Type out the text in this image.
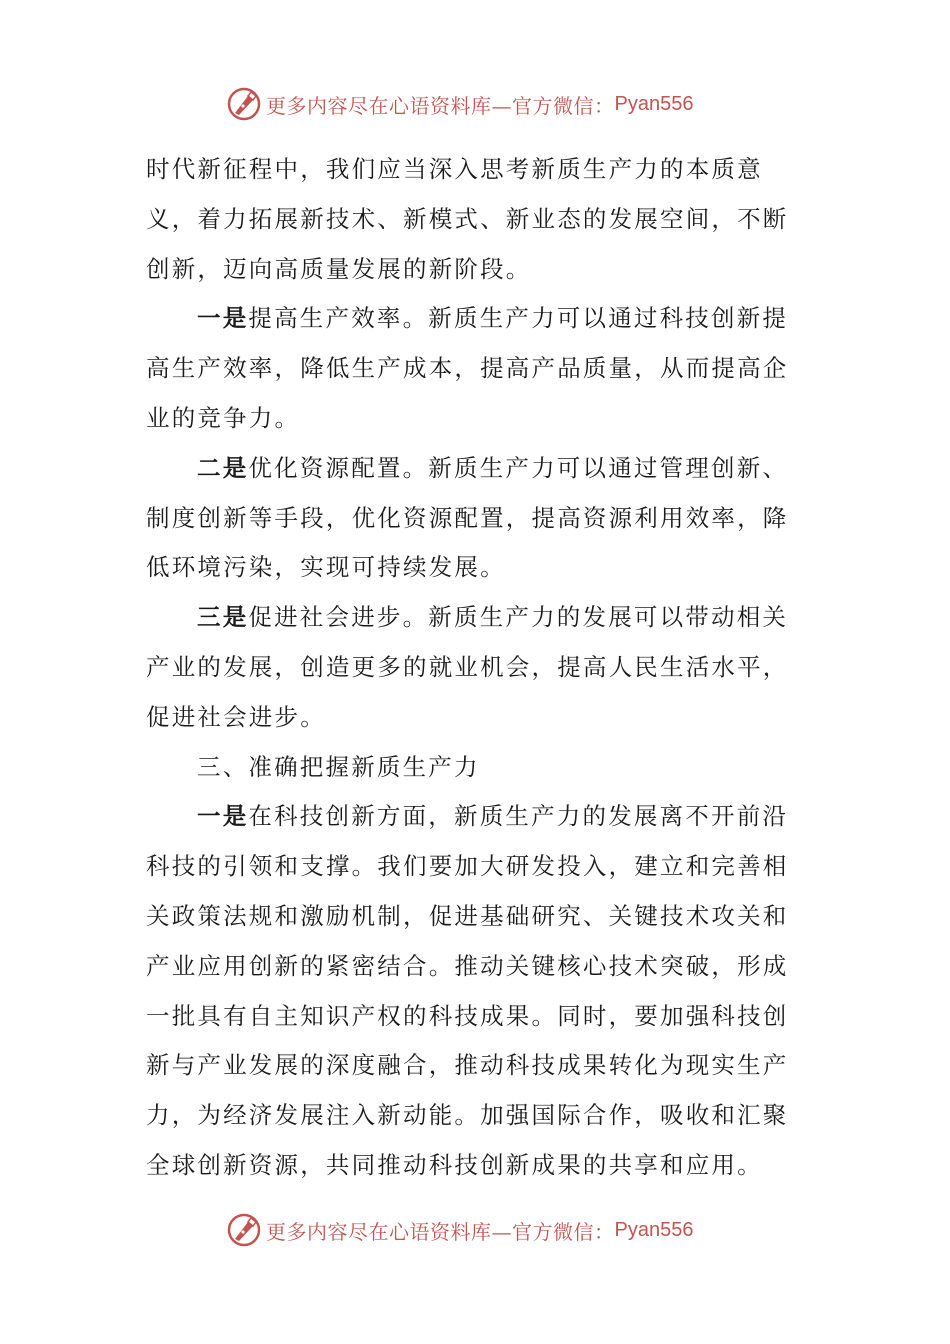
更多内容尽在心语资料库—官方微信： Pyan556

时代新征程中，我们应当深入思考新质生产力的本质意义，着力拓展新技术、新模式、新业态的发展空间，不断创新，迈向高质量发展的新阶段。

一是提高生产效率。新质生产力可以通过科技创新提高生产效率，降低生产成本，提高产品质量，从而提高企业的竞争力。

二是优化资源配置。新质生产力可以通过管理创新、制度创新等手段，优化资源配置，提高资源利用效率，降低环境污染，实现可持续发展。

三是促进社会进步。新质生产力的发展可以带动相关产业的发展，创造更多的就业机会，提高人民生活水平，促进社会进步。

三、准确把握新质生产力

一是在科技创新方面，新质生产力的发展离不开前沿科技的引领和支撑。我们要加大研发投入，建立和完善相关政策法规和激励机制，促进基础研究、关键技术攻关和产业应用创新的紧密结合。推动关键核心技术突破，形成一批具有自主知识产权的科技成果。同时，要加强科技创新与产业发展的深度融合，推动科技成果转化为现实生产力，为经济发展注入新动能。加强国际合作，吸收和汇聚全球创新资源，共同推动科技创新成果的共享和应用。

更多内容尽在心语资料库—官方微信： Pyan556
